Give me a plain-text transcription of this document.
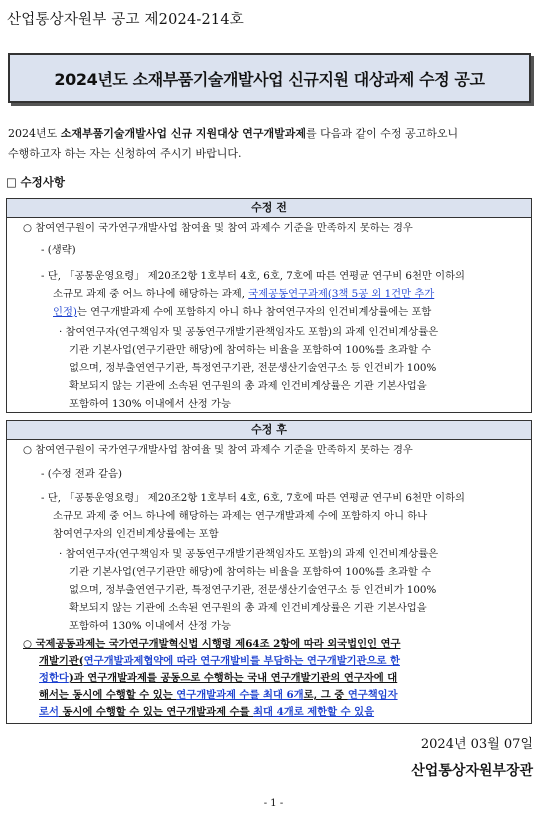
산업통상자원부 공고 제2024-214호
2024년도 소재부품기술개발사업 신규지원 대상과제 수정 공고
2024년도 소재부품기술개발사업 신규 지원대상 연구개발과제를 다음과 같이 수정 공고하오니
수행하고자 하는 자는 신청하여 주시기 바랍니다.
□ 수정사항
수정 전
○ 참여연구원이 국가연구개발사업 참여율 및 참여 과제수 기준을 만족하지 못하는 경우
- (생략)
- 단, 「공통운영요령」 제20조2항 1호부터 4호, 6호, 7호에 따른 연평균 연구비 6천만 이하의
소규모 과제 중 어느 하나에 해당하는 과제, 국제공동연구과제(3책 5공 외 1건만 추가
인정)는 연구개발과제 수에 포함하지 아니 하나 참여연구자의 인건비계상률에는 포함
· 참여연구자(연구책임자 및 공동연구개발기관책임자도 포함)의 과제 인건비계상률은
기관 기본사업(연구기관만 해당)에 참여하는 비율을 포함하여 100%를 초과할 수
없으며, 정부출연연구기관, 특정연구기관, 전문생산기술연구소 등 인건비가 100%
확보되지 않는 기관에 소속된 연구원의 총 과제 인건비계상률은 기관 기본사업을
포함하여 130% 이내에서 산정 가능
수정 후
○ 참여연구원이 국가연구개발사업 참여율 및 참여 과제수 기준을 만족하지 못하는 경우
- (수정 전과 같음)
- 단, 「공통운영요령」 제20조2항 1호부터 4호, 6호, 7호에 따른 연평균 연구비 6천만 이하의
소규모 과제 중 어느 하나에 해당하는 과제는 연구개발과제 수에 포함하지 아니 하나
참여연구자의 인건비계상률에는 포함
· 참여연구자(연구책임자 및 공동연구개발기관책임자도 포함)의 과제 인건비계상률은
기관 기본사업(연구기관만 해당)에 참여하는 비율을 포함하여 100%를 초과할 수
없으며, 정부출연연구기관, 특정연구기관, 전문생산기술연구소 등 인건비가 100%
확보되지 않는 기관에 소속된 연구원의 총 과제 인건비계상률은 기관 기본사업을
포함하여 130% 이내에서 산정 가능
○ 국제공동과제는 국가연구개발혁신법 시행령 제64조 2항에 따라 외국법인인 연구
개발기관(연구개발과제협약에 따라 연구개발비를 부담하는 연구개발기관으로 한
정한다)과 연구개발과제를 공동으로 수행하는 국내 연구개발기관의 연구자에 대
해서는 동시에 수행할 수 있는 연구개발과제 수를 최대 6개로, 그 중 연구책임자
로서 동시에 수행할 수 있는 연구개발과제 수를 최대 4개로 제한할 수 있음
2024년 03월 07일
산업통상자원부장관
- 1 -
